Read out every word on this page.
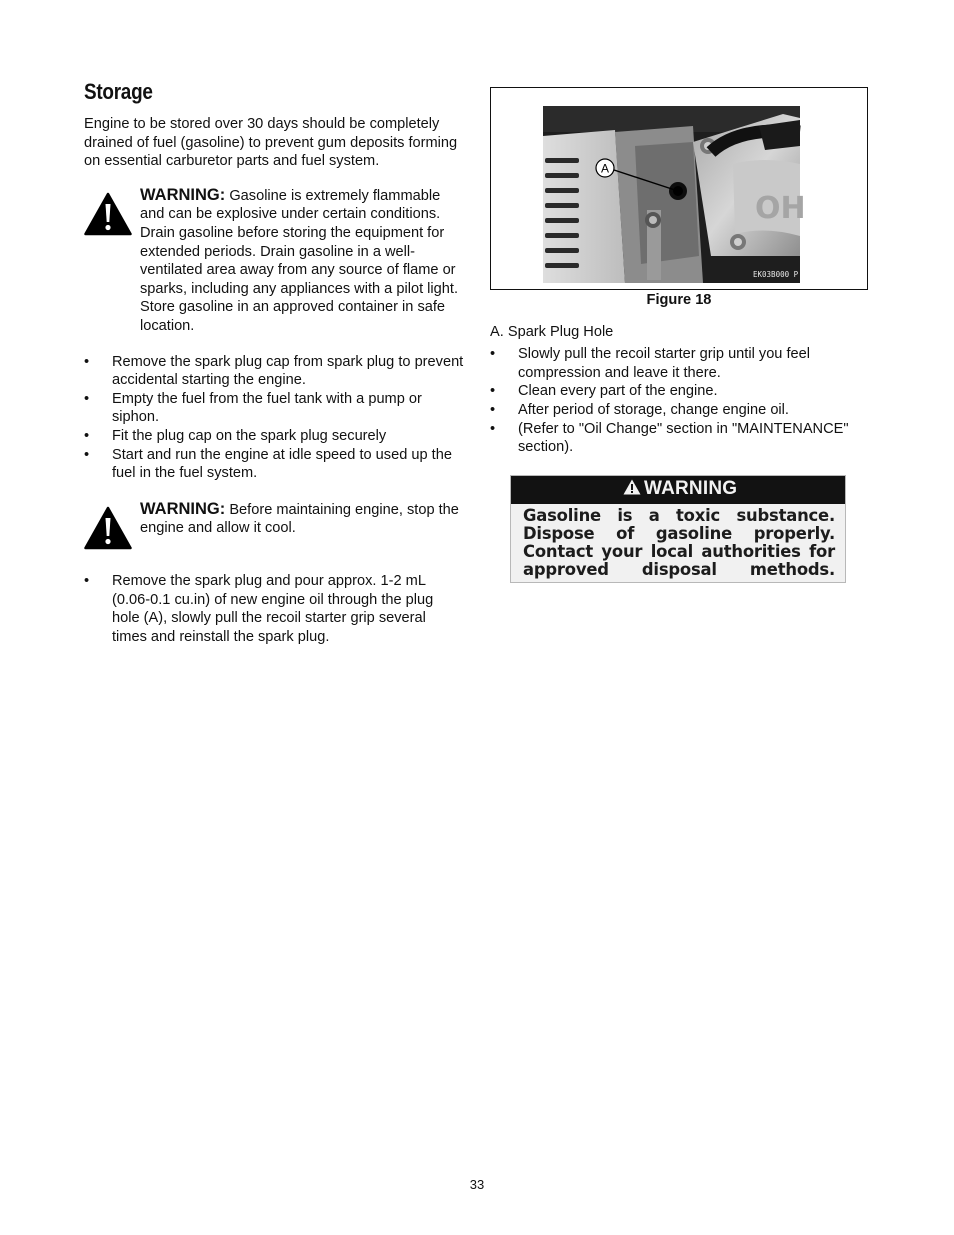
Storage

Engine to be stored over 30 days should be completely drained of fuel (gasoline) to prevent gum deposits forming on essential carburetor parts and fuel system.

WARNING: Gasoline is extremely flammable and can be explosive under certain conditions. Drain gasoline before storing the equipment for extended periods. Drain gasoline in a well-ventilated area away from any source of flame or sparks, including any appliances with a pilot light. Store gasoline in an approved container in safe location.
• Remove the spark plug cap from spark plug to prevent accidental starting the engine.
• Empty the fuel from the fuel tank with a pump or siphon.
• Fit the plug cap on the spark plug securely
• Start and run the engine at idle speed to used up the fuel in the fuel system.
WARNING: Before maintaining engine, stop the engine and allow it cool.
• Remove the spark plug and pour approx. 1-2 mL (0.06-0.1 cu.in) of new engine oil through the plug hole (A), slowly pull the recoil starter grip several times and reinstall the spark plug.
OH
A
EK03B000 P
Figure 18

A. Spark Plug Hole

• Slowly pull the recoil starter grip until you feel compression and leave it there.
• Clean every part of the engine.
• After period of storage, change engine oil.
• (Refer to "Oil Change" section in "MAINTENANCE" section).
WARNING
Gasoline is a toxic substance.
Dispose of gasoline properly.
Contact your local authorities for
approved disposal methods.
33
